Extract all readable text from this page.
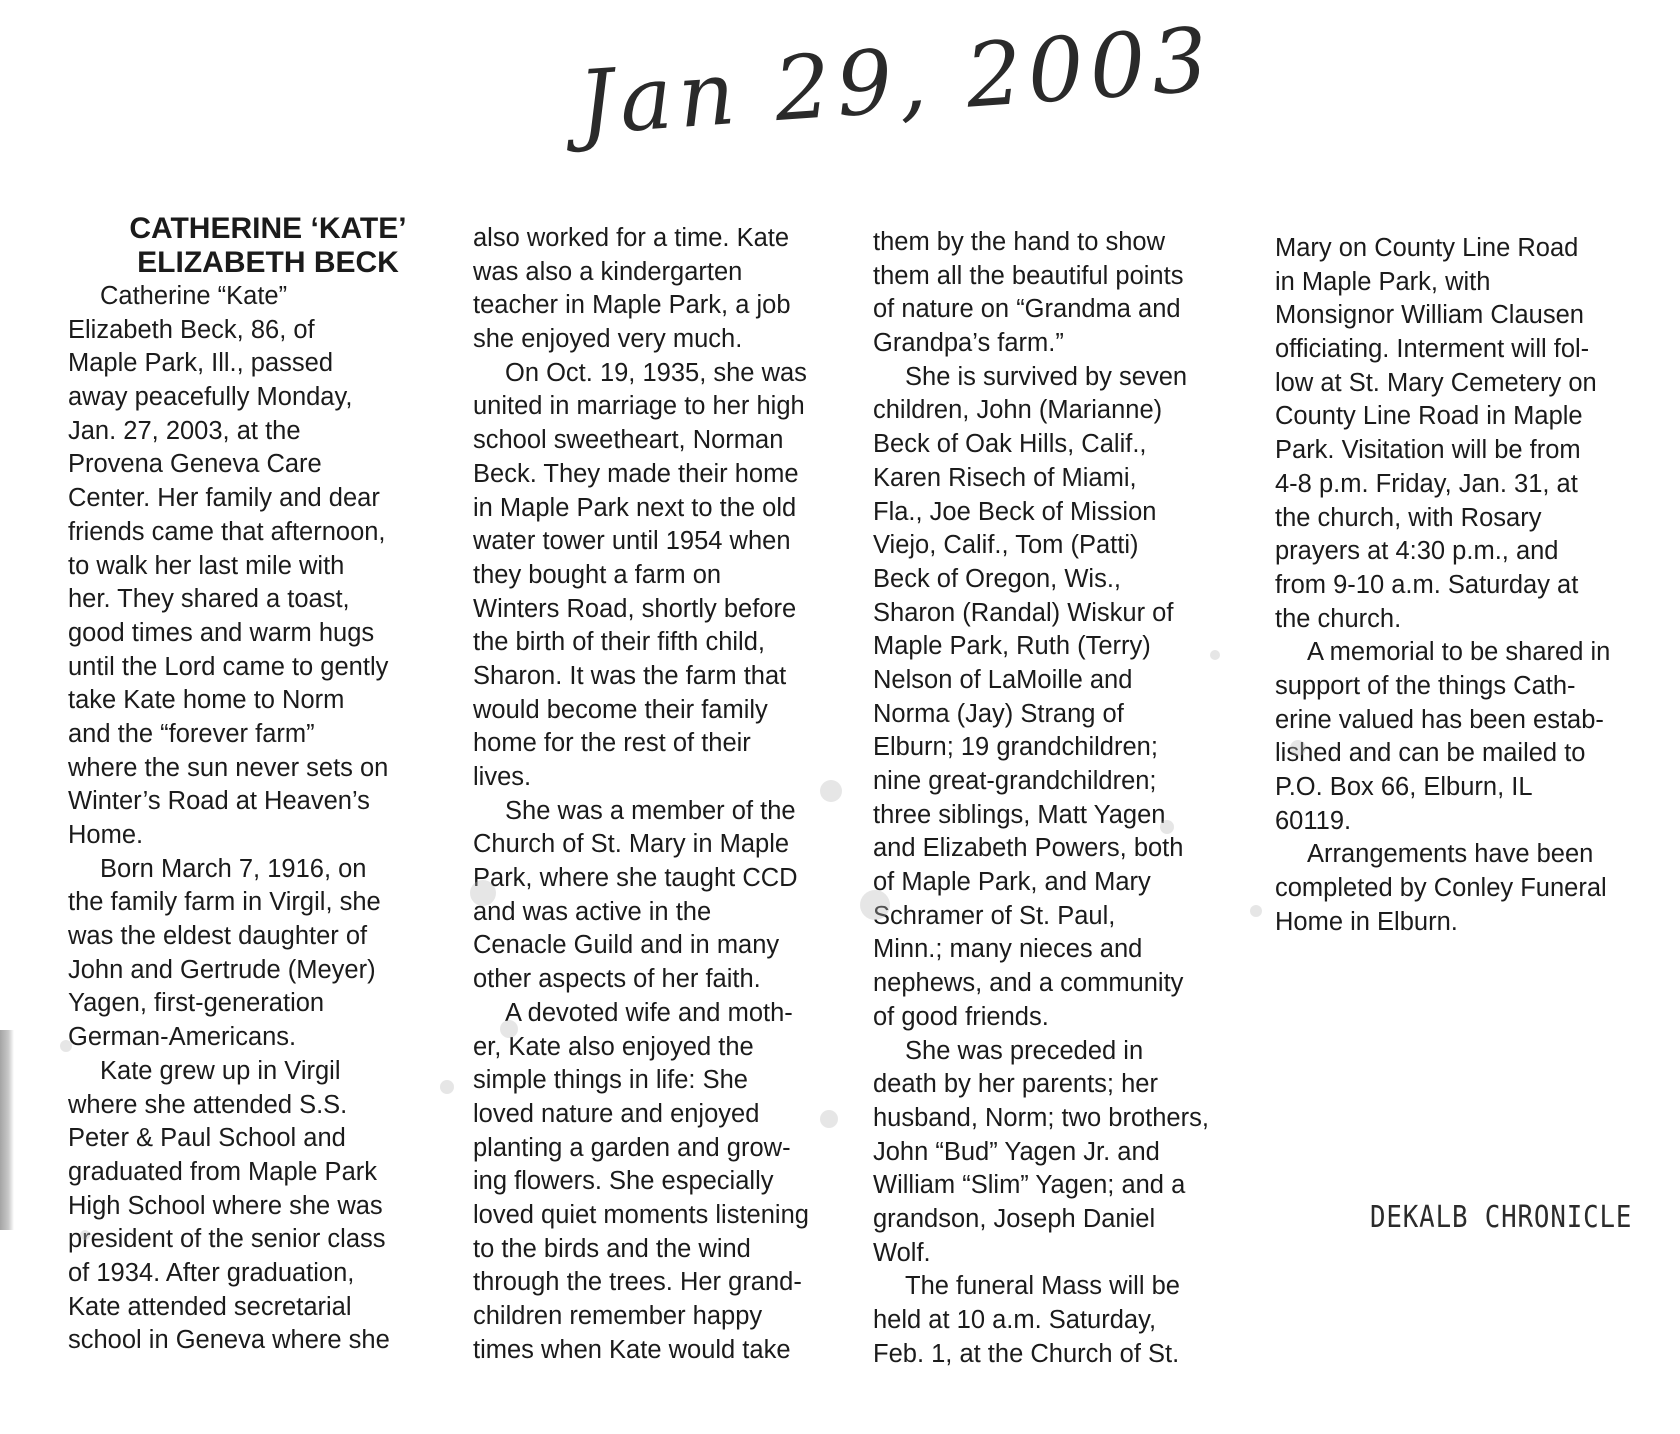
Jan 29, 2003
CATHERINE ‘KATE’
ELIZABETH BECK
Catherine “Kate”
Elizabeth Beck, 86, of
Maple Park, Ill., passed
away peacefully Monday,
Jan. 27, 2003, at the
Provena Geneva Care
Center. Her family and dear
friends came that afternoon,
to walk her last mile with
her. They shared a toast,
good times and warm hugs
until the Lord came to gently
take Kate home to Norm
and the “forever farm”
where the sun never sets on
Winter’s Road at Heaven’s
Home.
Born March 7, 1916, on
the family farm in Virgil, she
was the eldest daughter of
John and Gertrude (Meyer)
Yagen, first-generation
German-Americans.
Kate grew up in Virgil
where she attended S.S.
Peter & Paul School and
graduated from Maple Park
High School where she was
president of the senior class
of 1934. After graduation,
Kate attended secretarial
school in Geneva where she
also worked for a time. Kate
was also a kindergarten
teacher in Maple Park, a job
she enjoyed very much.
On Oct. 19, 1935, she was
united in marriage to her high
school sweetheart, Norman
Beck. They made their home
in Maple Park next to the old
water tower until 1954 when
they bought a farm on
Winters Road, shortly before
the birth of their fifth child,
Sharon. It was the farm that
would become their family
home for the rest of their
lives.
She was a member of the
Church of St. Mary in Maple
Park, where she taught CCD
and was active in the
Cenacle Guild and in many
other aspects of her faith.
A devoted wife and moth-
er, Kate also enjoyed the
simple things in life: She
loved nature and enjoyed
planting a garden and grow-
ing flowers. She especially
loved quiet moments listening
to the birds and the wind
through the trees. Her grand-
children remember happy
times when Kate would take
them by the hand to show
them all the beautiful points
of nature on “Grandma and
Grandpa’s farm.”
She is survived by seven
children, John (Marianne)
Beck of Oak Hills, Calif.,
Karen Risech of Miami,
Fla., Joe Beck of Mission
Viejo, Calif., Tom (Patti)
Beck of Oregon, Wis.,
Sharon (Randal) Wiskur of
Maple Park, Ruth (Terry)
Nelson of LaMoille and
Norma (Jay) Strang of
Elburn; 19 grandchildren;
nine great-grandchildren;
three siblings, Matt Yagen
and Elizabeth Powers, both
of Maple Park, and Mary
Schramer of St. Paul,
Minn.; many nieces and
nephews, and a community
of good friends.
She was preceded in
death by her parents; her
husband, Norm; two brothers,
John “Bud” Yagen Jr. and
William “Slim” Yagen; and a
grandson, Joseph Daniel
Wolf.
The funeral Mass will be
held at 10 a.m. Saturday,
Feb. 1, at the Church of St.
Mary on County Line Road
in Maple Park, with
Monsignor William Clausen
officiating. Interment will fol-
low at St. Mary Cemetery on
County Line Road in Maple
Park. Visitation will be from
4-8 p.m. Friday, Jan. 31, at
the church, with Rosary
prayers at 4:30 p.m., and
from 9-10 a.m. Saturday at
the church.
A memorial to be shared in
support of the things Cath-
erine valued has been estab-
lished and can be mailed to
P.O. Box 66, Elburn, IL
60119.
Arrangements have been
completed by Conley Funeral
Home in Elburn.
DEKALB CHRONICLE
